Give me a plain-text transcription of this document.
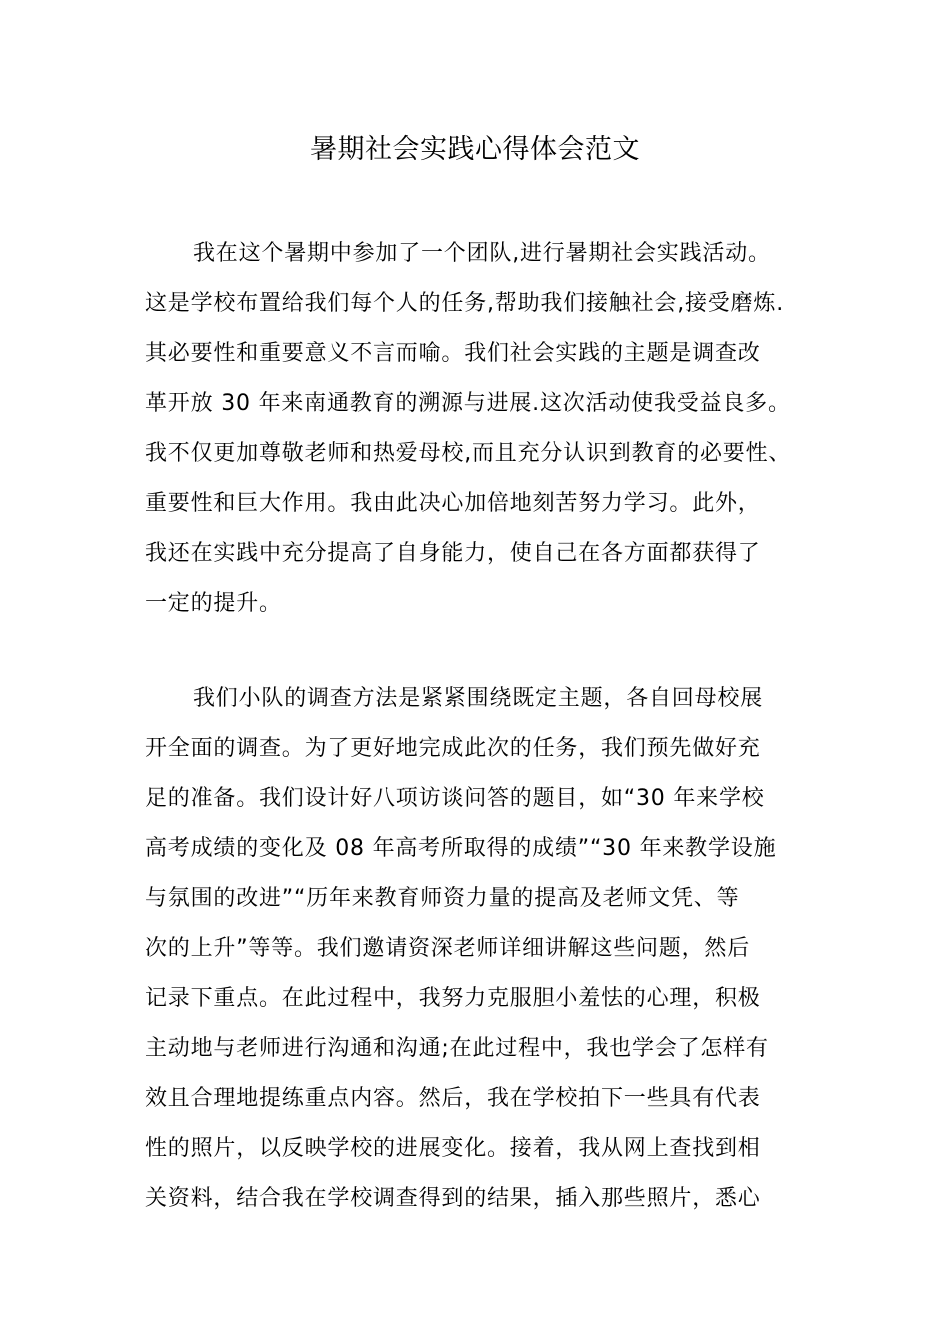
暑期社会实践心得体会范文
我在这个暑期中参加了一个团队,进行暑期社会实践活动。
这是学校布置给我们每个人的任务,帮助我们接触社会,接受磨炼.
其必要性和重要意义不言而喻。我们社会实践的主题是调查改
革开放 30 年来南通教育的溯源与进展.这次活动使我受益良多。
我不仅更加尊敬老师和热爱母校,而且充分认识到教育的必要性、
重要性和巨大作用。我由此决心加倍地刻苦努力学习。此外，
我还在实践中充分提高了自身能力，使自己在各方面都获得了
一定的提升。
我们小队的调查方法是紧紧围绕既定主题，各自回母校展
开全面的调查。为了更好地完成此次的任务，我们预先做好充
足的准备。我们设计好八项访谈问答的题目，如“30 年来学校
高考成绩的变化及 08 年高考所取得的成绩”“30 年来教学设施
与氛围的改进”“历年来教育师资力量的提高及老师文凭、等
次的上升”等等。我们邀请资深老师详细讲解这些问题，然后
记录下重点。在此过程中，我努力克服胆小羞怯的心理，积极
主动地与老师进行沟通和沟通;在此过程中，我也学会了怎样有
效且合理地提练重点内容。然后，我在学校拍下一些具有代表
性的照片，以反映学校的进展变化。接着，我从网上查找到相
关资料，结合我在学校调查得到的结果，插入那些照片，悉心
